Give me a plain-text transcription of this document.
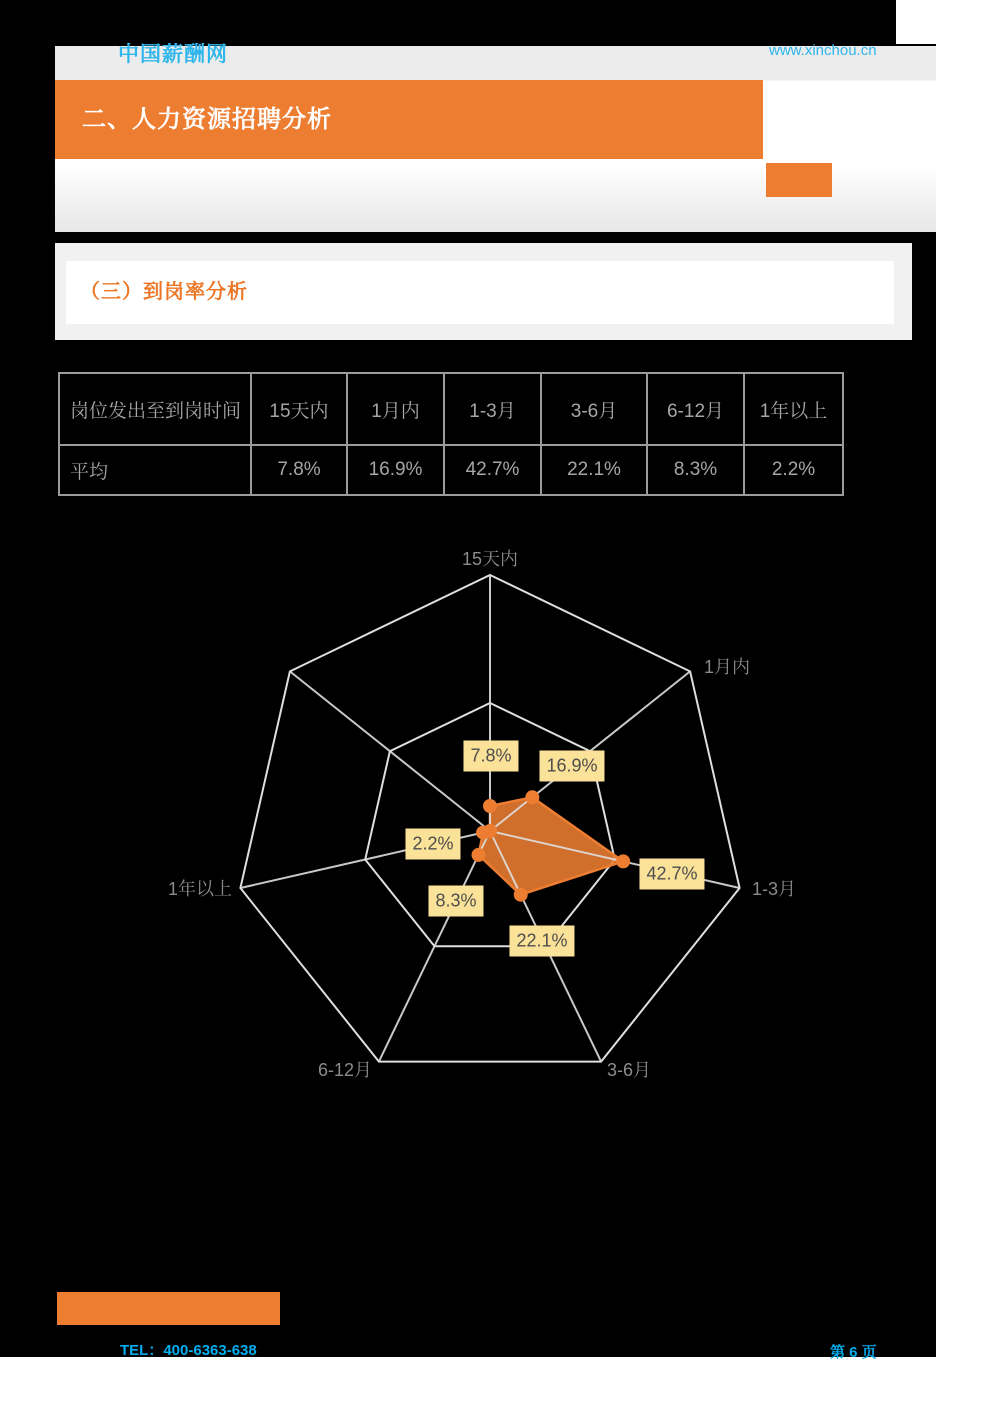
中国薪酬网	www.xinchou.cn
二、人力资源招聘分析
（三）到岗率分析
岗位发出至到岗时间	15天内	1月内	1-3月	3-6月	6-12月	1年以上
平均	7.8%	16.9%	42.7%	22.1%	8.3%	2.2%
15天内
1月内
1-3月
3-6月
6-12月
1年以上
7.8%	16.9%
42.7%
22.1%
8.3%
2.2%
TEL：400-6363-638	第 6 页
